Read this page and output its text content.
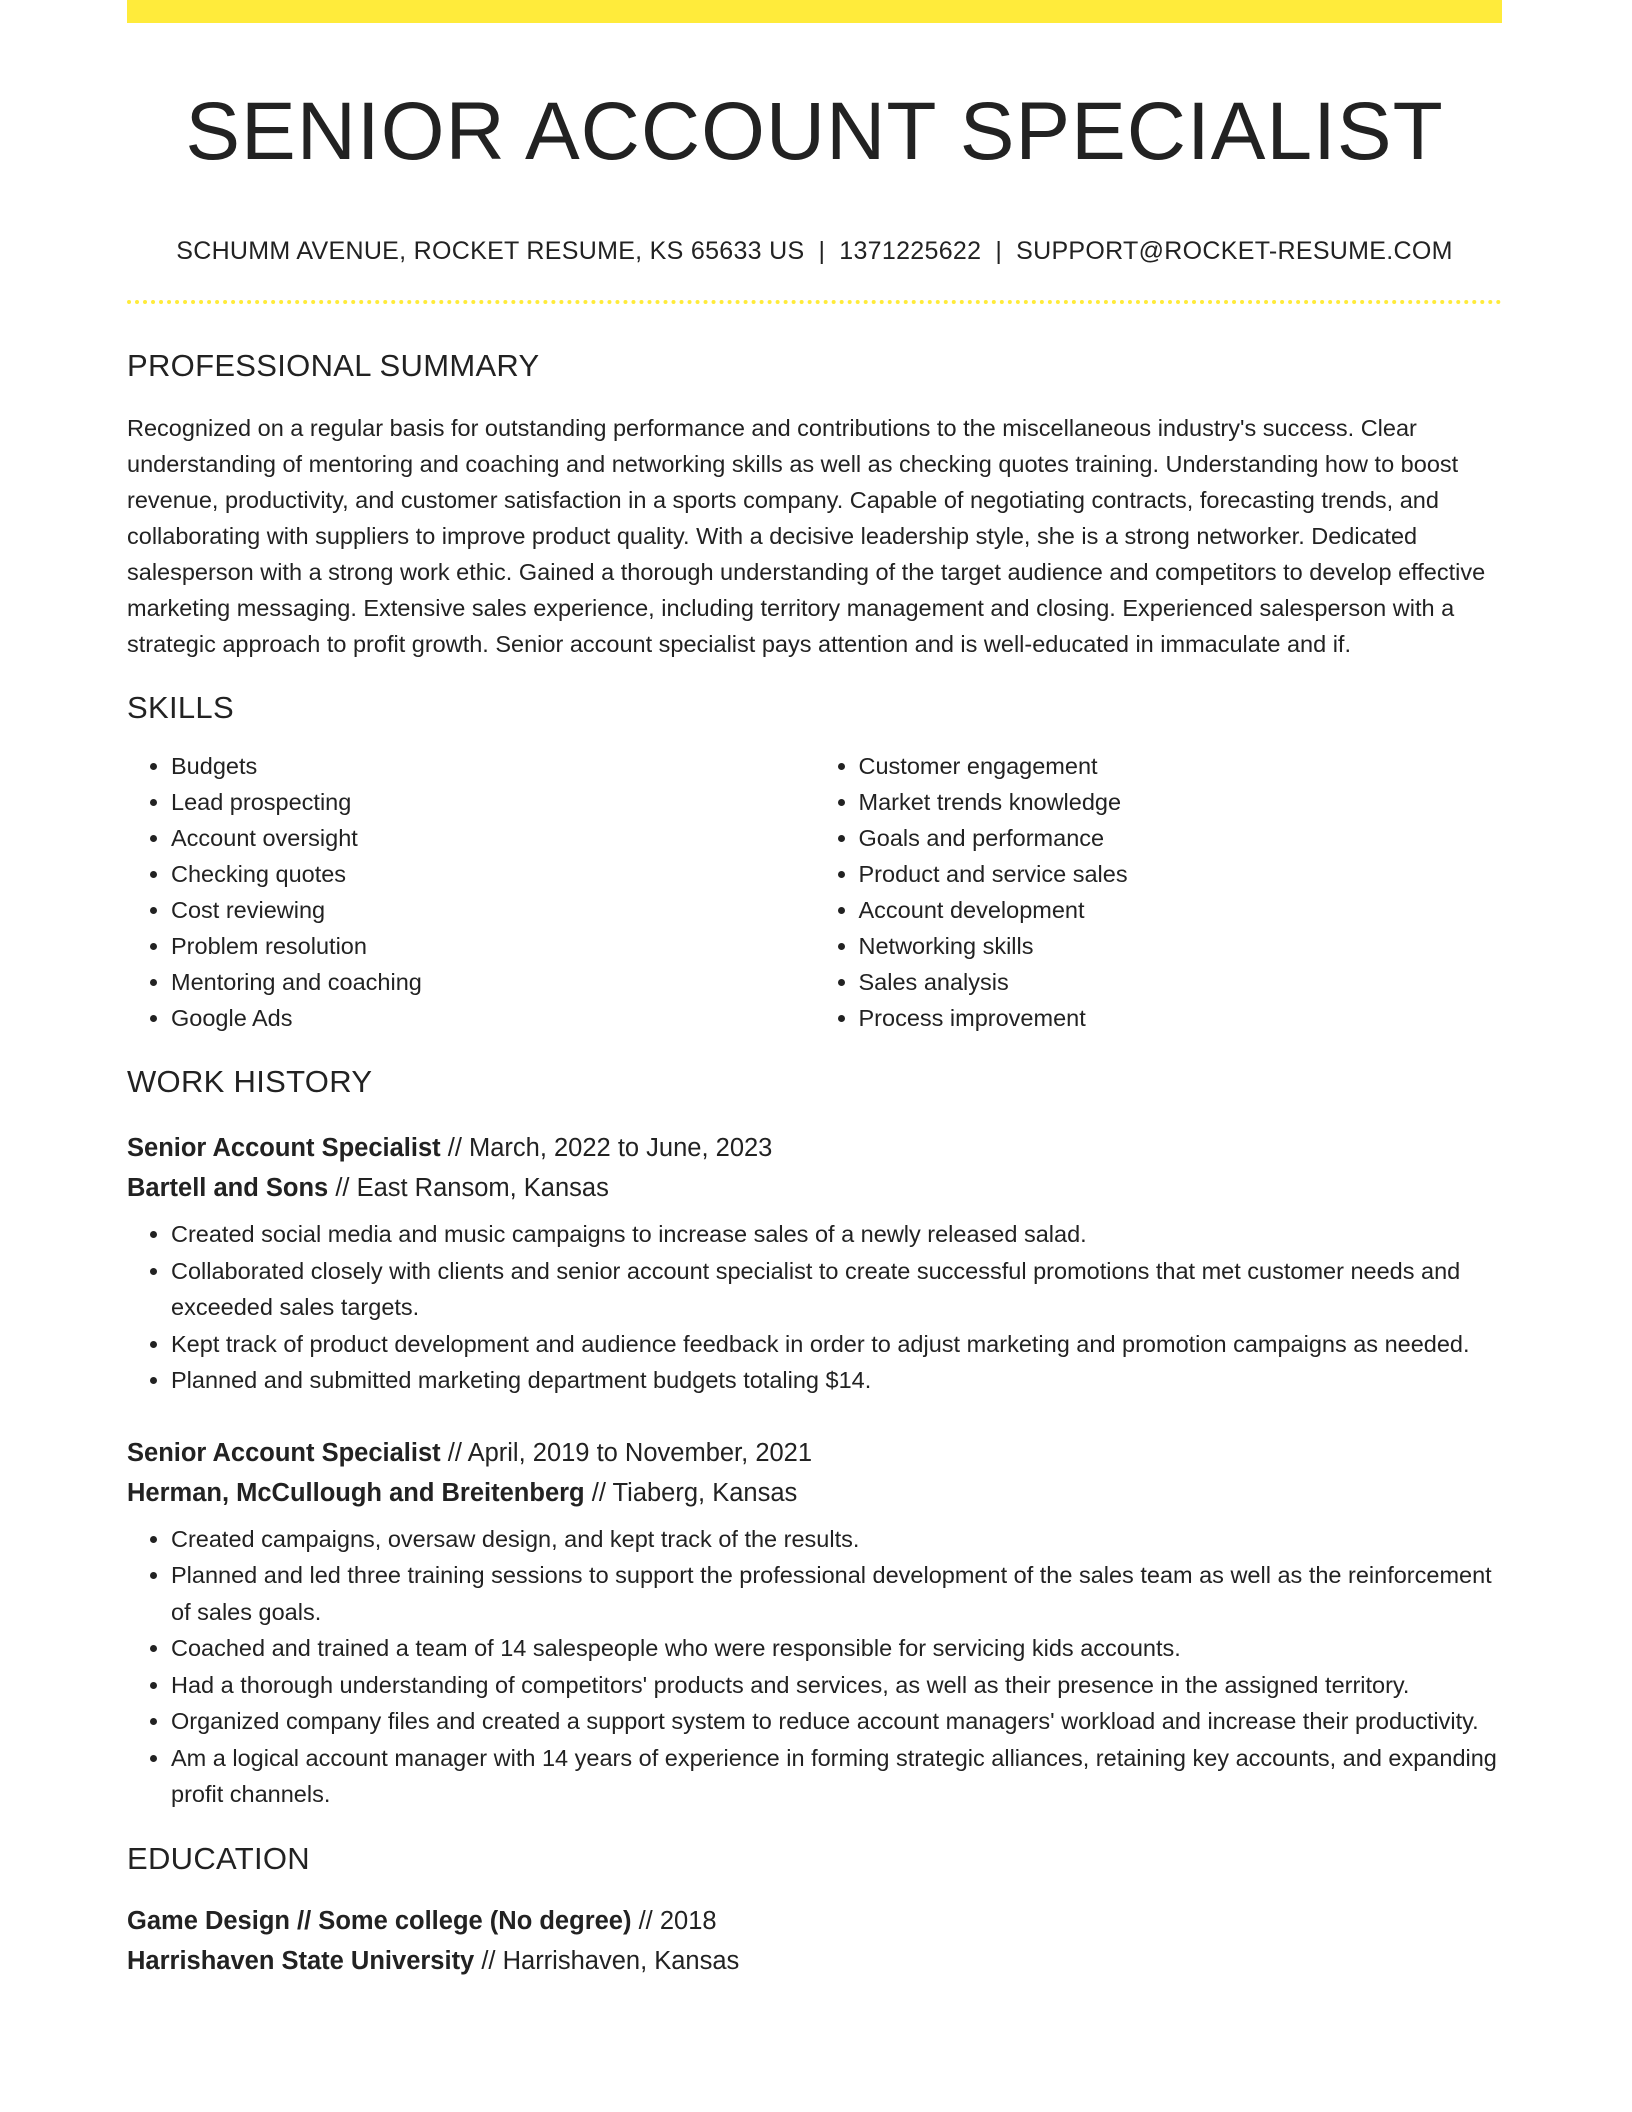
SENIOR ACCOUNT SPECIALIST
SCHUMM AVENUE, ROCKET RESUME, KS 65633 US | 1371225622 | SUPPORT@ROCKET-RESUME.COM
PROFESSIONAL SUMMARY

Recognized on a regular basis for outstanding performance and contributions to the miscellaneous industry's success. Clear understanding of mentoring and coaching and networking skills as well as checking quotes training. Understanding how to boost revenue, productivity, and customer satisfaction in a sports company. Capable of negotiating contracts, forecasting trends, and collaborating with suppliers to improve product quality. With a decisive leadership style, she is a strong networker. Dedicated salesperson with a strong work ethic. Gained a thorough understanding of the target audience and competitors to develop effective marketing messaging. Extensive sales experience, including territory management and closing. Experienced salesperson with a strategic approach to profit growth. Senior account specialist pays attention and is well-educated in immaculate and if.

SKILLS
• Budgets
• Lead prospecting
• Account oversight
• Checking quotes
• Cost reviewing
• Problem resolution
• Mentoring and coaching
• Google Ads
• Customer engagement
• Market trends knowledge
• Goals and performance
• Product and service sales
• Account development
• Networking skills
• Sales analysis
• Process improvement
WORK HISTORY
Senior Account Specialist // March, 2022 to June, 2023
Bartell and Sons // East Ransom, Kansas
• Created social media and music campaigns to increase sales of a newly released salad.
• Collaborated closely with clients and senior account specialist to create successful promotions that met customer needs and exceeded sales targets.
• Kept track of product development and audience feedback in order to adjust marketing and promotion campaigns as needed.
• Planned and submitted marketing department budgets totaling $14.
Senior Account Specialist // April, 2019 to November, 2021
Herman, McCullough and Breitenberg // Tiaberg, Kansas
• Created campaigns, oversaw design, and kept track of the results.
• Planned and led three training sessions to support the professional development of the sales team as well as the reinforcement of sales goals.
• Coached and trained a team of 14 salespeople who were responsible for servicing kids accounts.
• Had a thorough understanding of competitors' products and services, as well as their presence in the assigned territory.
• Organized company files and created a support system to reduce account managers' workload and increase their productivity.
• Am a logical account manager with 14 years of experience in forming strategic alliances, retaining key accounts, and expanding profit channels.
EDUCATION
Game Design // Some college (No degree) // 2018
Harrishaven State University // Harrishaven, Kansas
